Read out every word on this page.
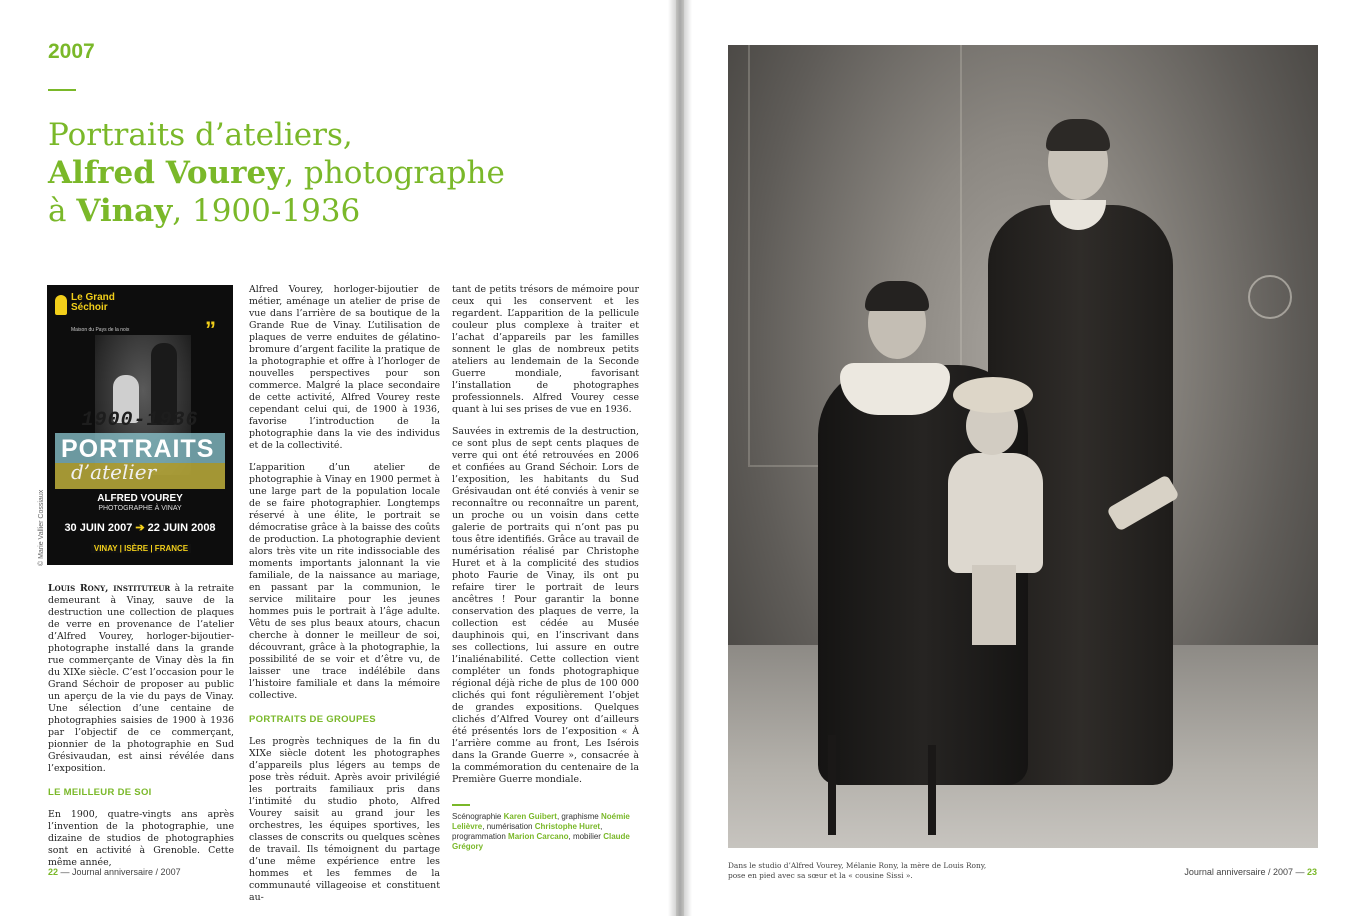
2007
Portraits d’ateliers,
Alfred Vourey, photographe
à Vinay, 1900-1936
Le Grand Séchoir
Maison du Pays de la noix	”
1900-1936
PORTRAITS
d’atelier
ALFRED VOUREY
PHOTOGRAPHE À VINAY
30 JUIN 2007 ➔ 22 JUIN 2008
VINAY | ISÈRE | FRANCE
© Marie Vallier Cossiaux

Louis Rony, instituteur à la retraite demeurant à Vinay, sauve de la destruction une collection de plaques de verre en provenance de l’atelier d’Alfred Vourey, horloger-bijoutier-photographe installé dans la grande rue commerçante de Vinay dès la fin du XIXe siècle. C’est l’occasion pour le Grand Séchoir de proposer au public un aperçu de la vie du pays de Vinay. Une sélection d’une centaine de photographies saisies de 1900 à 1936 par l’objectif de ce commerçant, pionnier de la photographie en Sud Grésivaudan, est ainsi révélée dans l’exposition.

LE MEILLEUR DE SOI

En 1900, quatre-vingts ans après l’invention de la photographie, une dizaine de studios de photographies sont en activité à Grenoble. Cette même année,

Alfred Vourey, horloger-bijoutier de métier, aménage un atelier de prise de vue dans l’arrière de sa boutique de la Grande Rue de Vinay. L’utilisation de plaques de verre enduites de gélatino-bromure d’argent facilite la pratique de la photographie et offre à l’horloger de nouvelles perspectives pour son commerce. Malgré la place secondaire de cette activité, Alfred Vourey reste cependant celui qui, de 1900 à 1936, favorise l’introduction de la photographie dans la vie des individus et de la collectivité.

L’apparition d’un atelier de photographie à Vinay en 1900 permet à une large part de la population locale de se faire photographier. Longtemps réservé à une élite, le portrait se démocratise grâce à la baisse des coûts de production. La photographie devient alors très vite un rite indissociable des moments importants jalonnant la vie familiale, de la naissance au mariage, en passant par la communion, le service militaire pour les jeunes hommes puis le portrait à l’âge adulte. Vêtu de ses plus beaux atours, chacun cherche à donner le meilleur de soi, découvrant, grâce à la photographie, la possibilité de se voir et d’être vu, de laisser une trace indélébile dans l’histoire familiale et dans la mémoire collective.

PORTRAITS DE GROUPES

Les progrès techniques de la fin du XIXe siècle dotent les photographes d’appareils plus légers au temps de pose très réduit. Après avoir privilégié les portraits familiaux pris dans l’intimité du studio photo, Alfred Vourey saisit au grand jour les orchestres, les équipes sportives, les classes de conscrits ou quelques scènes de travail. Ils témoignent du partage d’une même expérience entre les hommes et les femmes de la communauté villageoise et constituent au-

tant de petits trésors de mémoire pour ceux qui les conservent et les regardent. L’apparition de la pellicule couleur plus complexe à traiter et l’achat d’appareils par les familles sonnent le glas de nombreux petits ateliers au lendemain de la Seconde Guerre mondiale, favorisant l’installation de photographes professionnels. Alfred Vourey cesse quant à lui ses prises de vue en 1936.

Sauvées in extremis de la destruction, ce sont plus de sept cents plaques de verre qui ont été retrouvées en 2006 et confiées au Grand Séchoir. Lors de l’exposition, les habitants du Sud Grésivaudan ont été conviés à venir se reconnaître ou reconnaître un parent, un proche ou un voisin dans cette galerie de portraits qui n’ont pas pu tous être identifiés. Grâce au travail de numérisation réalisé par Christophe Huret et à la complicité des studios photo Faurie de Vinay, ils ont pu refaire tirer le portrait de leurs ancêtres ! Pour garantir la bonne conservation des plaques de verre, la collection est cédée au Musée dauphinois qui, en l’inscrivant dans ses collections, lui assure en outre l’inaliénabilité. Cette collection vient compléter un fonds photographique régional déjà riche de plus de 100 000 clichés qui font régulièrement l’objet de grandes expositions. Quelques clichés d’Alfred Vourey ont d’ailleurs été présentés lors de l’exposition « À l’arrière comme au front, Les Isérois dans la Grande Guerre », consacrée à la commémoration du centenaire de la Première Guerre mondiale.

Scénographie Karen Guibert, graphisme Noémie Lelièvre, numérisation Christophe Huret, programmation Marion Carcano, mobilier Claude Grégory
22 — Journal anniversaire / 2007
Dans le studio d’Alfred Vourey, Mélanie Rony, la mère de Louis Rony, pose en pied avec sa sœur et la « cousine Sissi ».	Journal anniversaire / 2007 — 23
